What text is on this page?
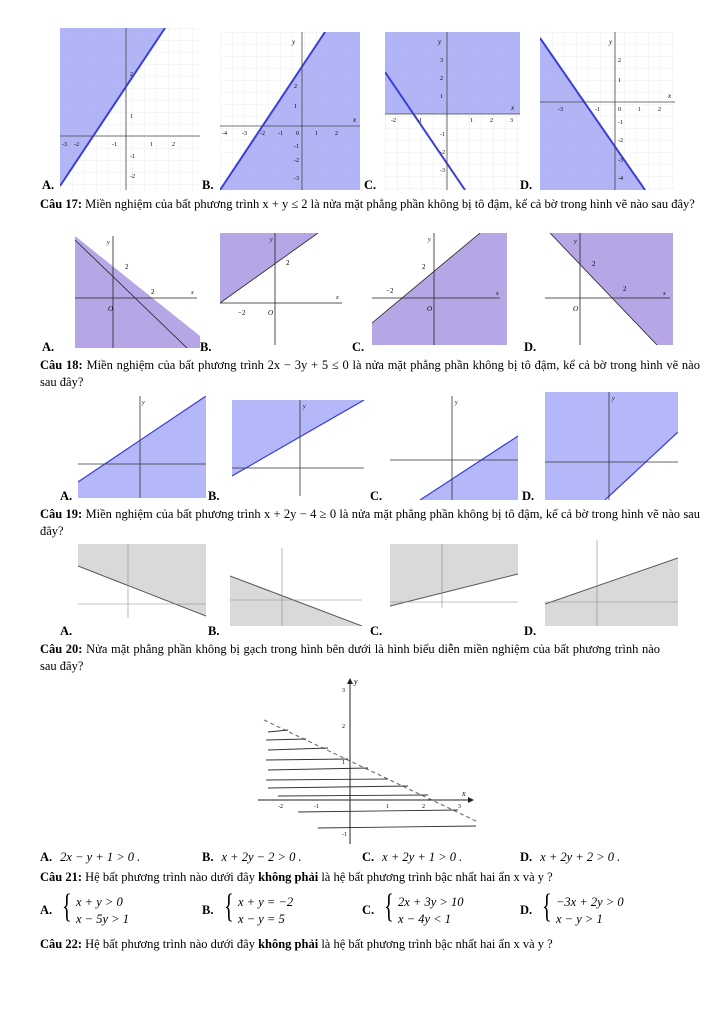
-3 -2	-1	1	2
2
1
-1
-2
y
x
-4	-3 -2 -1 0	1	2
2
1
-1
-2
-3
y
x
-2	-1	1	2	3
3
2
1
-1
-2
-3
y
x
-3	-1	0	1	2
2
1
-1
-2
-3
-4
A.	B.	C.	D.
Câu 17: Miền nghiệm của bất phương trình x + y ≤ 2 là nửa mặt phẳng phần không bị tô đậm, kể cả bờ trong hình vẽ nào sau đây?
O
2
2
y
x
−2
2
O
y
x
−2
2
O
y
x
O
2
2
y
x
A.	B.	C.	D.
Câu 18: Miền nghiệm của bất phương trình 2x − 3y + 5 ≤ 0 là nửa mặt phẳng phần không bị tô đậm, kể cả bờ trong hình vẽ nào sau đây?
y
y
y
y
A.	B.	C.	D.
Câu 19: Miền nghiệm của bất phương trình x + 2y − 4 ≥ 0 là nửa mặt phẳng phần không bị tô đậm, kể cả bờ trong hình vẽ nào sau đây?
A.	B.	C.	D.
Câu 20: Nửa mặt phẳng phần không bị gạch trong hình bên dưới là hình biểu diễn miền nghiệm của bất phương trình nào sau đây?
y
x
3
2
1
-1
-2	-1	1	2	3
A. 2x − y + 1 > 0 .	B. x + 2y − 2 > 0 .	C. x + 2y + 1 > 0 .	D. x + 2y + 2 > 0 .
Câu 21: Hệ bất phương trình nào dưới đây không phải là hệ bất phương trình bậc nhất hai ẩn x và y ?
A. { x + y > 0
x − 5y > 1
B. { x + y = −2
x − y = 5
C. { 2x + 3y > 10
x − 4y < 1
D. { −3x + 2y > 0
x − y > 1
Câu 22: Hệ bất phương trình nào dưới đây không phải là hệ bất phương trình bậc nhất hai ẩn x và y ?
